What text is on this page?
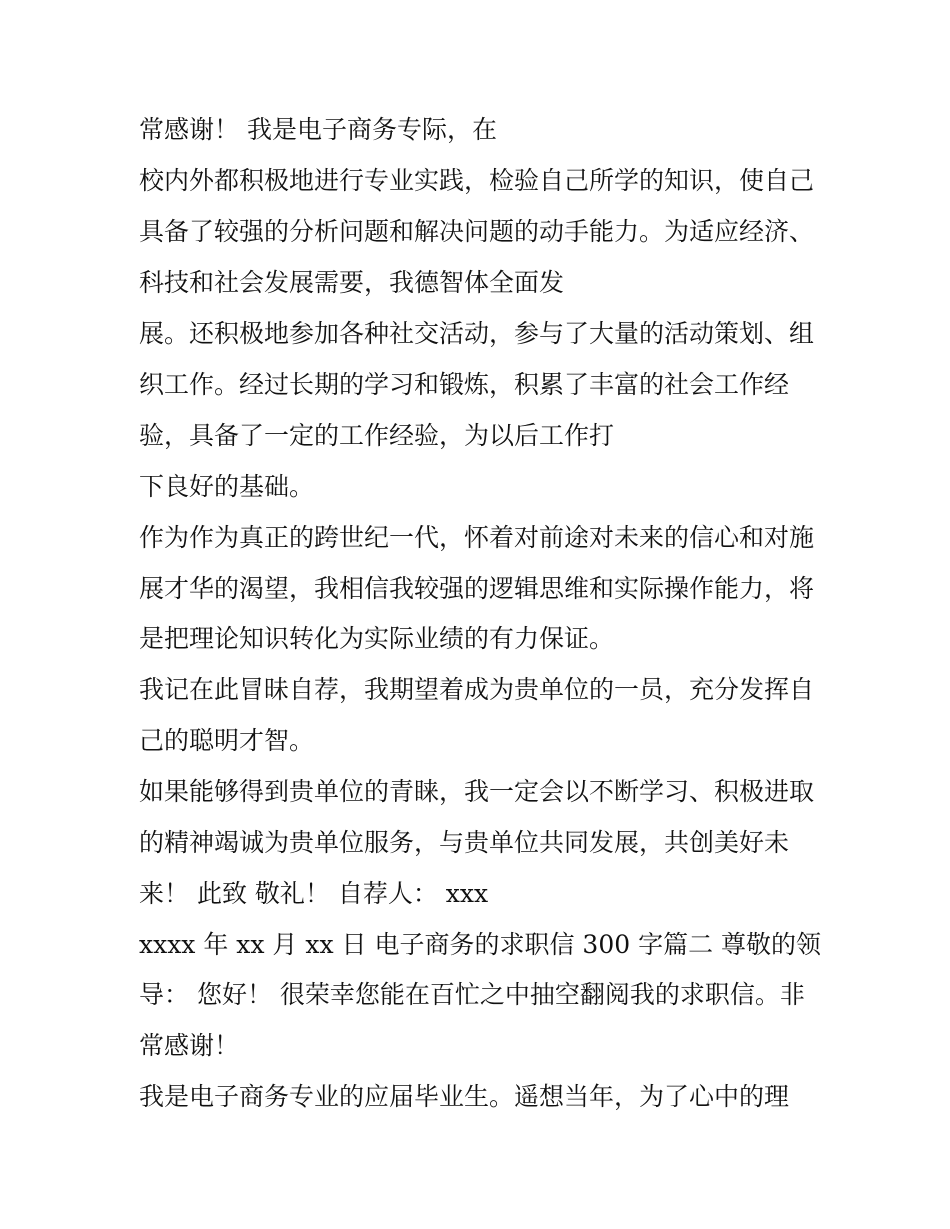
常感谢！ 我是电子商务专际，在

校内外都积极地进行专业实践，检验自己所学的知识，使自己

具备了较强的分析问题和解决问题的动手能力。为适应经济、

科技和社会发展需要，我德智体全面发

展。还积极地参加各种社交活动，参与了大量的活动策划、组

织工作。经过长期的学习和锻炼，积累了丰富的社会工作经

验，具备了一定的工作经验，为以后工作打

下良好的基础。

作为作为真正的跨世纪一代，怀着对前途对未来的信心和对施

展才华的渴望，我相信我较强的逻辑思维和实际操作能力，将

是把理论知识转化为实际业绩的有力保证。

我记在此冒昧自荐，我期望着成为贵单位的一员，充分发挥自

己的聪明才智。

如果能够得到贵单位的青睐，我一定会以不断学习、积极进取

的精神竭诚为贵单位服务，与贵单位共同发展，共创美好未

来！ 此致 敬礼！ 自荐人： xxx

xxxx 年 xx 月 xx 日 电子商务的求职信 300 字篇二 尊敬的领

导： 您好！ 很荣幸您能在百忙之中抽空翻阅我的求职信。非

常感谢！

我是电子商务专业的应届毕业生。遥想当年，为了心中的理
